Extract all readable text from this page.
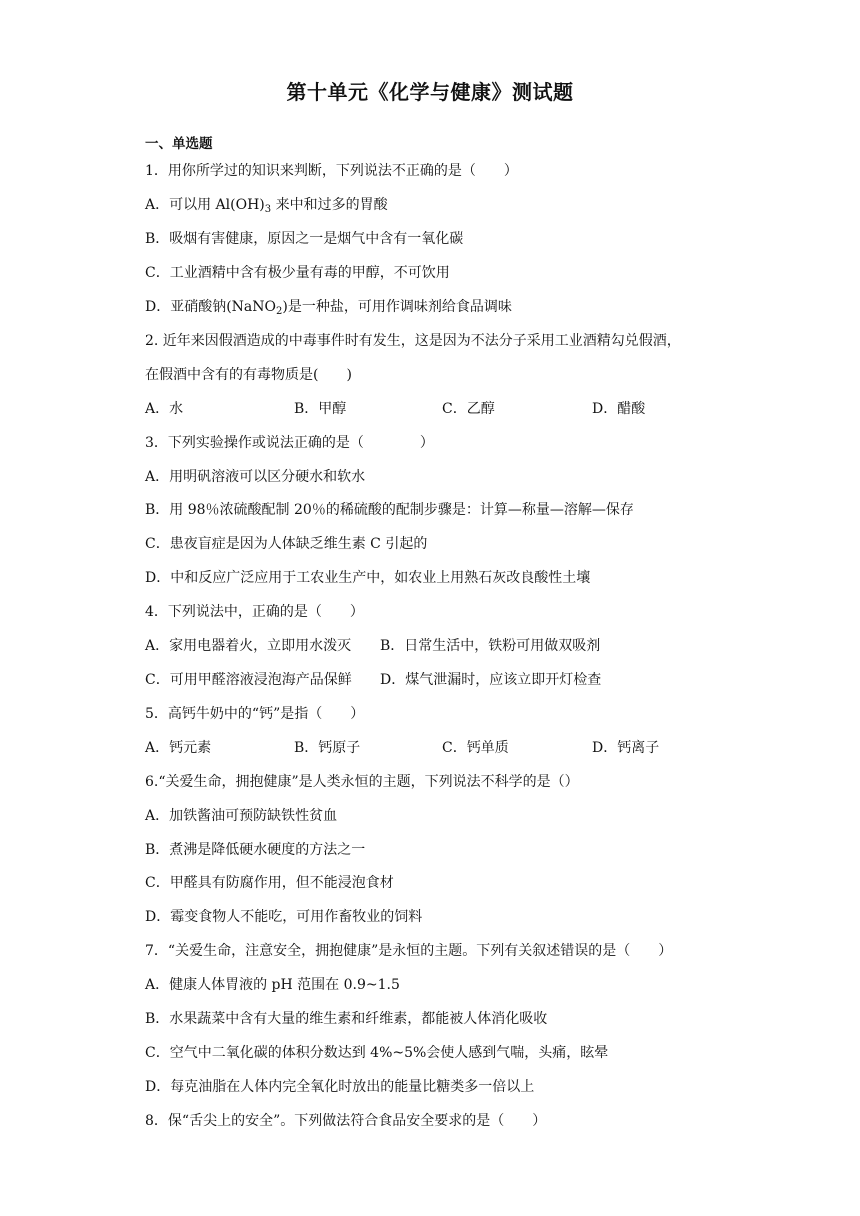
第十单元《化学与健康》测试题
一、单选题
1．用你所学过的知识来判断，下列说法不正确的是（　　）
A．可以用 $Al(OH)_3$ 来中和过多的胃酸
B．吸烟有害健康，原因之一是烟气中含有一氧化碳
C．工业酒精中含有极少量有毒的甲醇，不可饮用
D．亚硝酸钠(NaNO$_2$)是一种盐，可用作调味剂给食品调味
2. 近年来因假酒造成的中毒事件时有发生，这是因为不法分子采用工业酒精勾兑假酒，
在假酒中含有的有毒物质是(　　)
A．水	B．甲醇	C．乙醇	D．醋酸
3．下列实验操作或说法正确的是（　　　　）
A．用明矾溶液可以区分硬水和软水
B．用 98％浓硫酸配制 20％的稀硫酸的配制步骤是：计算—称量—溶解—保存
C．患夜盲症是因为人体缺乏维生素 C 引起的
D．中和反应广泛应用于工农业生产中，如农业上用熟石灰改良酸性土壤
4．下列说法中，正确的是（　　）
A．家用电器着火，立即用水泼灭 B．日常生活中，铁粉可用做双吸剂
C．可用甲醛溶液浸泡海产品保鲜 D．煤气泄漏时，应该立即开灯检查
5．高钙牛奶中的“钙”是指（　　）
A．钙元素	B．钙原子	C．钙单质	D．钙离子
6.“关爱生命，拥抱健康”是人类永恒的主题，下列说法不科学的是（）
A．加铁酱油可预防缺铁性贫血
B．煮沸是降低硬水硬度的方法之一
C．甲醛具有防腐作用，但不能浸泡食材
D．霉变食物人不能吃，可用作畜牧业的饲料
7．“关爱生命，注意安全，拥抱健康”是永恒的主题。下列有关叙述错误的是（　　）
A．健康人体胃液的 pH 范围在 0.9~1.5
B．水果蔬菜中含有大量的维生素和纤维素，都能被人体消化吸收
C．空气中二氧化碳的体积分数达到 4%~5%会使人感到气喘，头痛，眩晕
D．每克油脂在人体内完全氧化时放出的能量比糖类多一倍以上
8．保“舌尖上的安全”。下列做法符合食品安全要求的是（　　）
